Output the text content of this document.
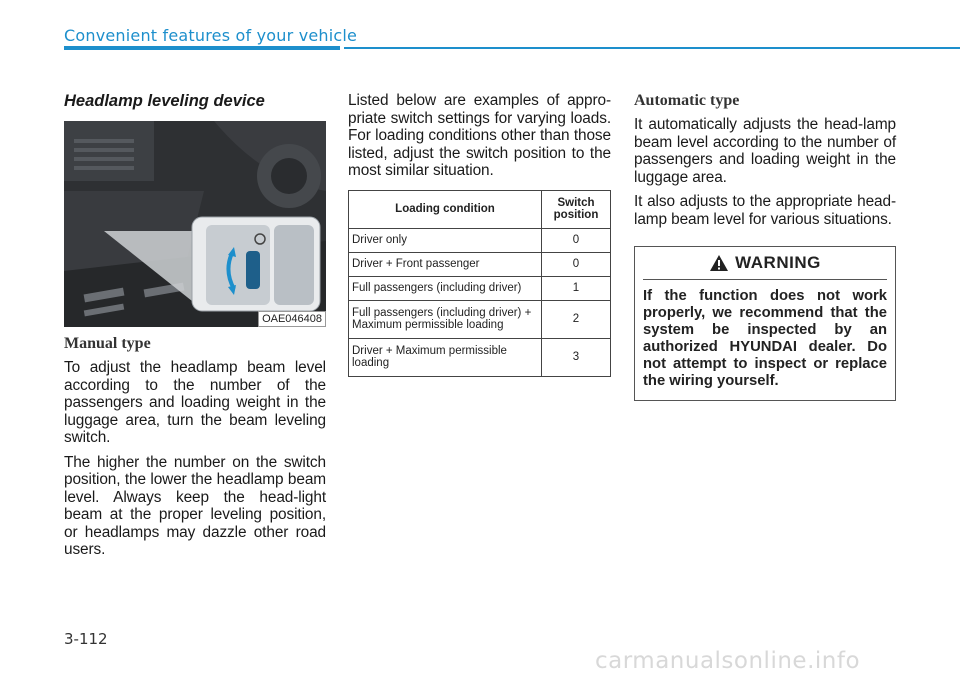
Convenient features of your vehicle
Headlamp leveling device
OAE046408
Manual type

To adjust the headlamp beam level according to the number of the passengers and loading weight in the luggage area, turn the beam leveling switch.

The higher the number on the switch position, the lower the headlamp beam level. Always keep the head-light beam at the proper leveling position, or headlamps may dazzle other road users.

Listed below are examples of appro-priate switch settings for varying loads. For loading conditions other than those listed, adjust the switch position to the most similar situation.

Loading condition	Switch position
Driver only	0
Driver + Front passenger	0
Full passengers (including driver)	1
Full passengers (including driver) + Maximum permissible loading	2
Driver + Maximum permissible loading	3
Automatic type

It automatically adjusts the head-lamp beam level according to the number of passengers and loading weight in the luggage area.

It also adjusts to the appropriate head-lamp beam level for various situations.

WARNING
If the function does not work properly, we recommend that the system be inspected by an authorized HYUNDAI dealer. Do not attempt to inspect or replace the wiring yourself.
3-112
carmanualsonline.info
